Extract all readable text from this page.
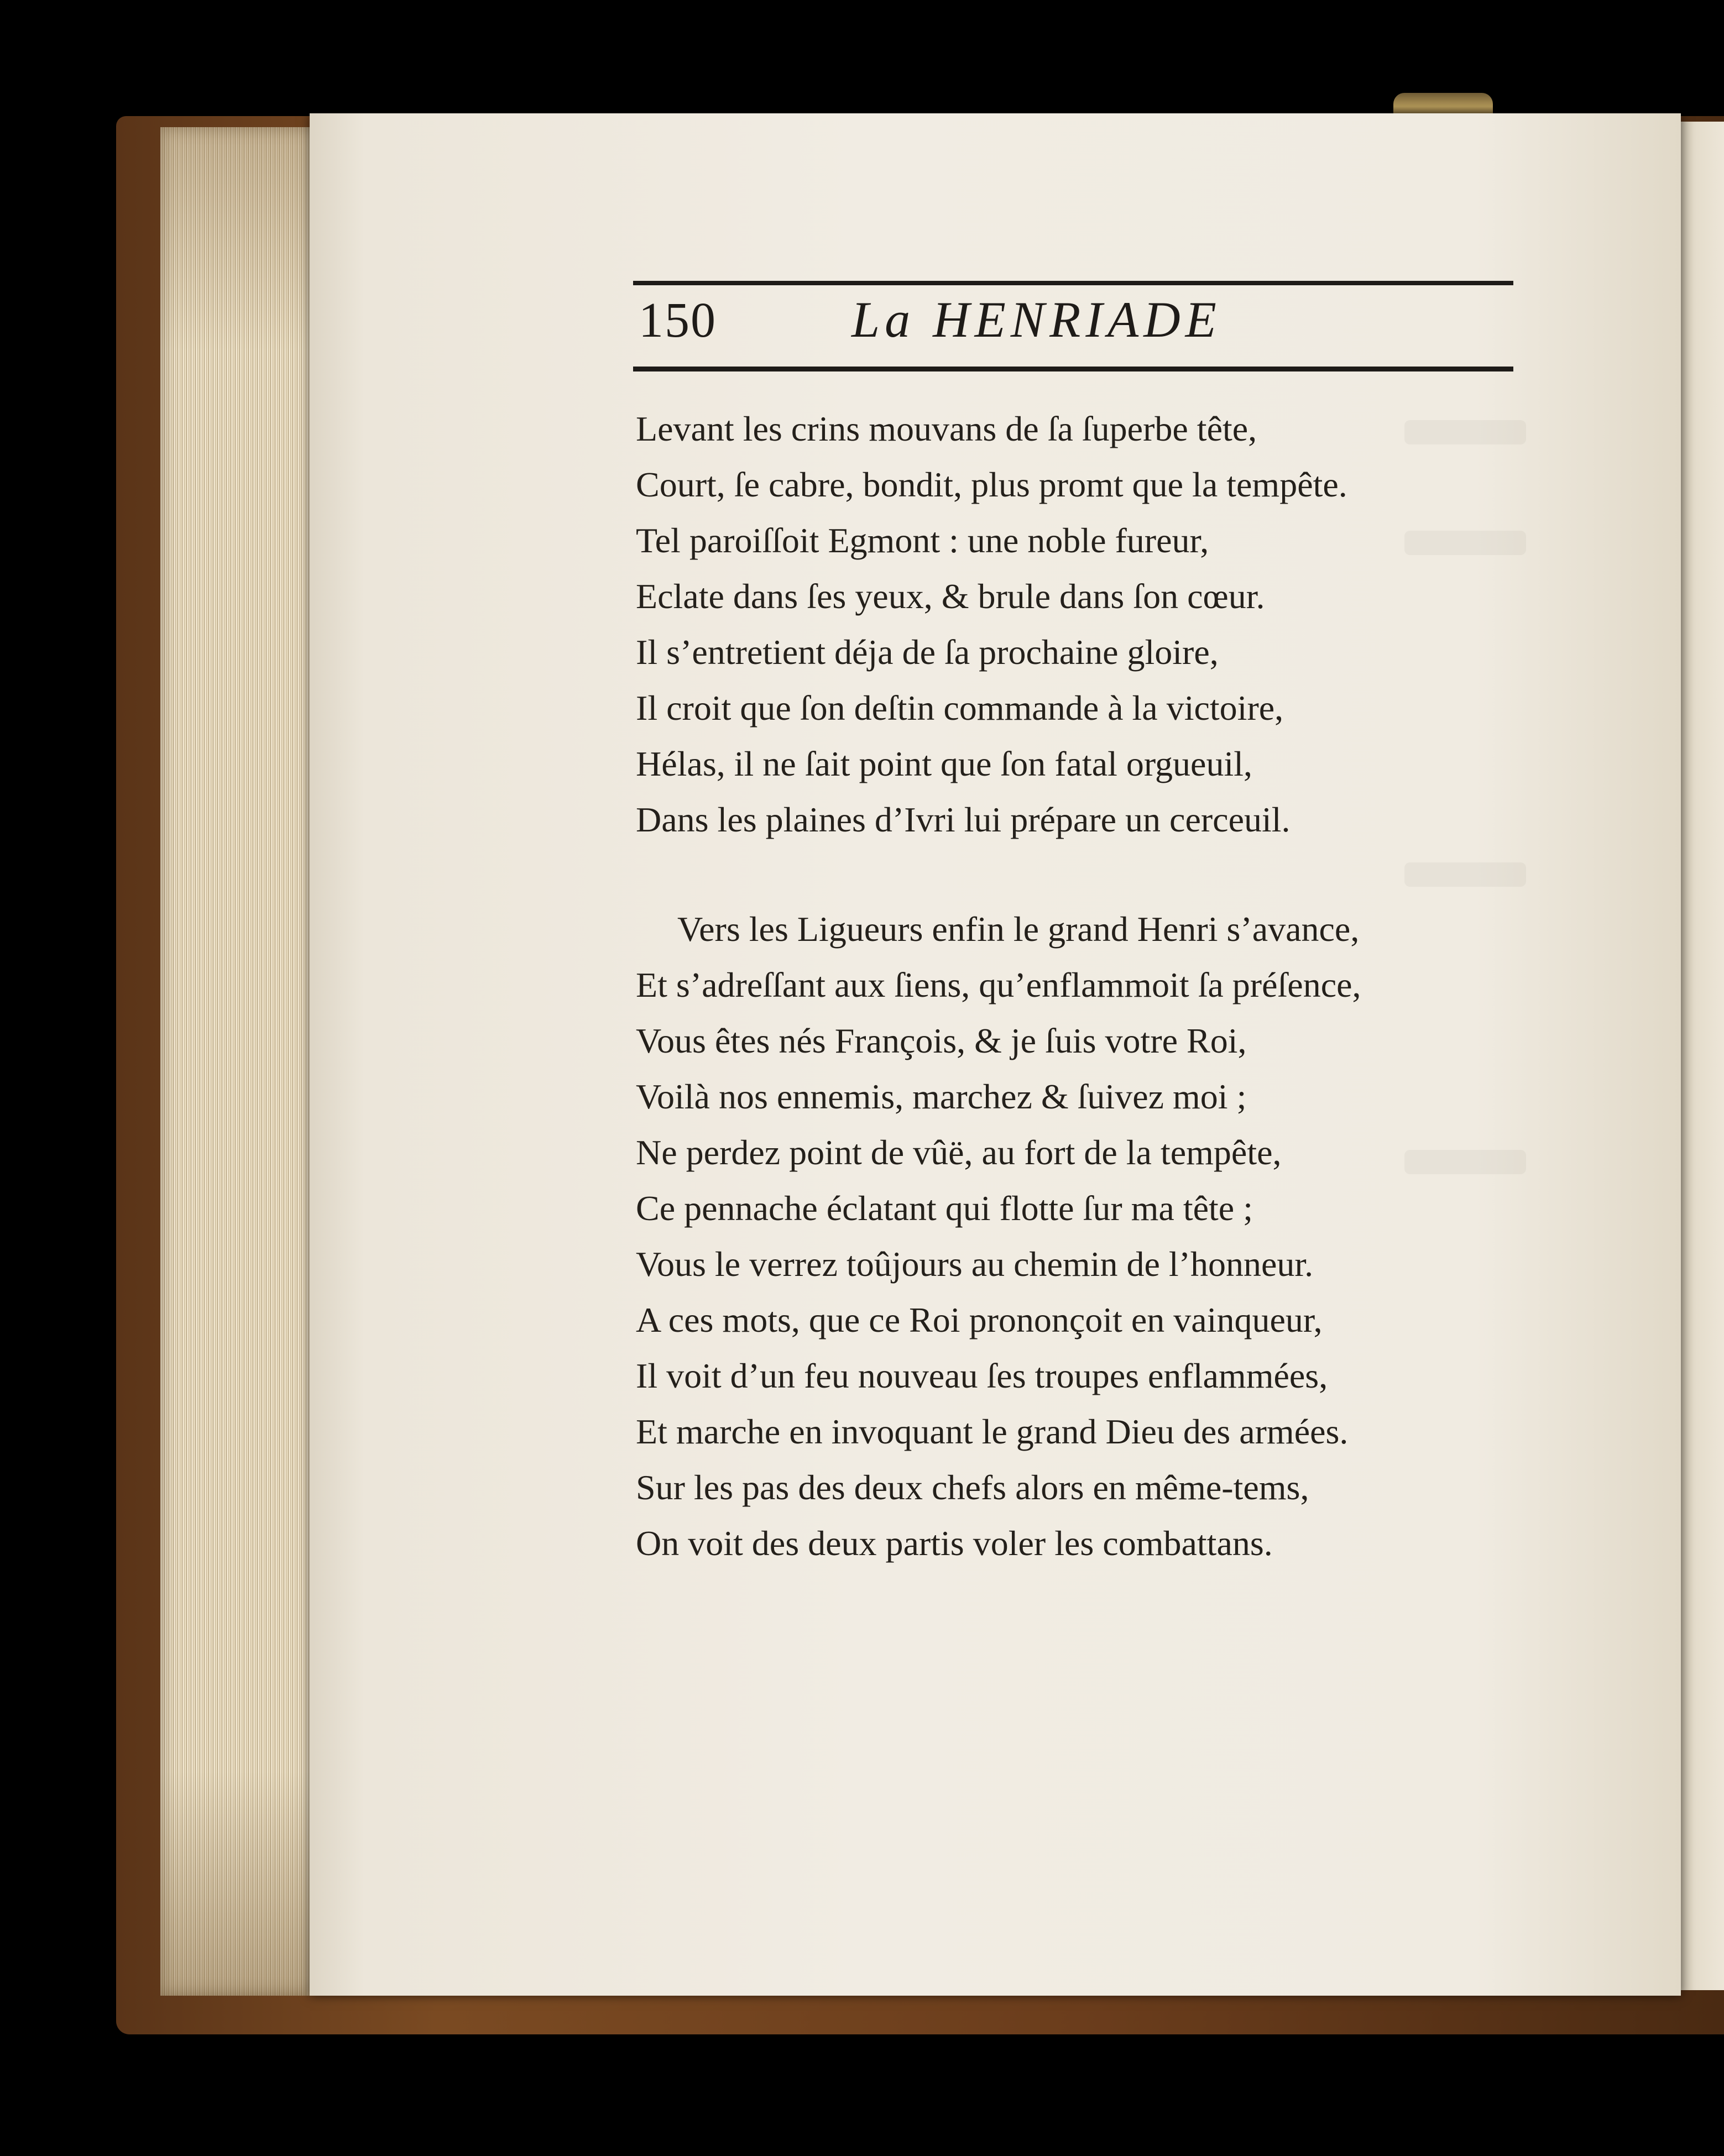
150	La HENRIADE
Levant les crins mouvans de ſa ſuperbe tête,
Court, ſe cabre, bondit, plus promt que la tempête.
Tel paroiſſoit Egmont : une noble fureur,
Eclate dans ſes yeux, & brule dans ſon cœur.
Il s’entretient déja de ſa prochaine gloire,
Il croit que ſon deſtin commande à la victoire,
Hélas, il ne ſait point que ſon fatal orgueuil,
Dans les plaines d’Ivri lui prépare un cerceuil.
Vers les Ligueurs enfin le grand Henri s’avance,
Et s’adreſſant aux ſiens, qu’enflammoit ſa préſence,
Vous êtes nés François, & je ſuis votre Roi,
Voilà nos ennemis, marchez & ſuivez moi ;
Ne perdez point de vûë, au fort de la tempête,
Ce pennache éclatant qui flotte ſur ma tête ;
Vous le verrez toûjours au chemin de l’honneur.
A ces mots, que ce Roi prononçoit en vainqueur,
Il voit d’un feu nouveau ſes troupes enflammées,
Et marche en invoquant le grand Dieu des armées.
Sur les pas des deux chefs alors en même-tems,
On voit des deux partis voler les combattans.
